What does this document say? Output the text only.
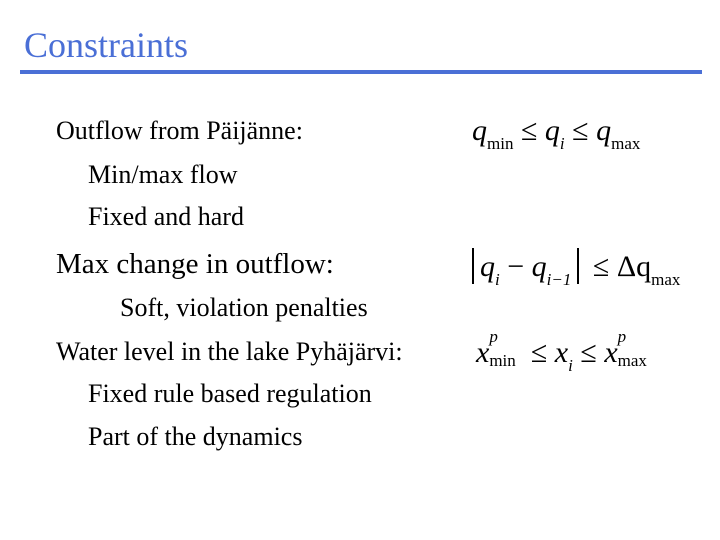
Constraints
Outflow from Päijänne:
Min/max flow
Fixed and hard
Max change in outflow:
Soft, violation penalties
Water level in the lake Pyhäjärvi:
Fixed rule based regulation
Part of the dynamics
$q_{min} \le q_i \le q_{max}$
$q_i - q_{i-1} \le \Delta q_{max}$
x p
$\min \le x_i \le x$ p
max
